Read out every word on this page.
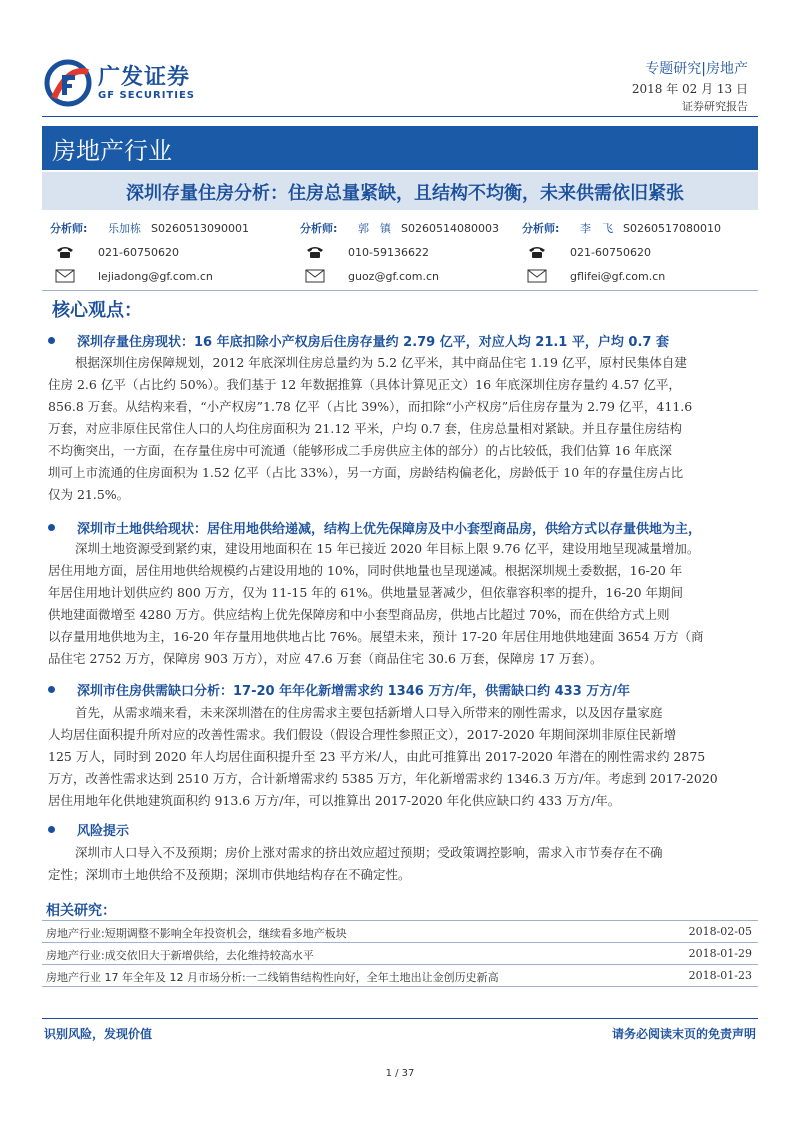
广发证券
GF SECURITIES
专题研究|房地产
2018 年 02 月 13 日
证券研究报告
房地产行业
深圳存量住房分析：住房总量紧缺，且结构不均衡，未来供需依旧紧张
分析师:	乐加栋 S0260513090001
021-60750620
lejiadong@gf.com.cn
分析师:	郭　镇 S0260514080003
010-59136622
guoz@gf.com.cn
分析师:	李　飞 S0260517080010
021-60750620
gflifei@gf.com.cn
核心观点：
深圳存量住房现状：16 年底扣除小产权房后住房存量约 2.79 亿平，对应人均 21.1 平，户均 0.7 套
根据深圳住房保障规划，2012 年底深圳住房总量约为 5.2 亿平米，其中商品住宅 1.19 亿平，原村民集体自建
住房 2.6 亿平（占比约 50%）。我们基于 12 年数据推算（具体计算见正文）16 年底深圳住房存量约 4.57 亿平，
856.8 万套。从结构来看，“小产权房”1.78 亿平（占比 39%），而扣除“小产权房”后住房存量为 2.79 亿平，411.6
万套，对应非原住民常住人口的人均住房面积为 21.12 平米，户均 0.7 套，住房总量相对紧缺。并且存量住房结构
不均衡突出，一方面，在存量住房中可流通（能够形成二手房供应主体的部分）的占比较低，我们估算 16 年底深
圳可上市流通的住房面积为 1.52 亿平（占比 33%），另一方面，房龄结构偏老化，房龄低于 10 年的存量住房占比
仅为 21.5%。
深圳市土地供给现状：居住用地供给递减，结构上优先保障房及中小套型商品房，供给方式以存量供地为主，
深圳土地资源受到紧约束，建设用地面积在 15 年已接近 2020 年目标上限 9.76 亿平，建设用地呈现减量增加。
居住用地方面，居住用地供给规模约占建设用地的 10%，同时供地量也呈现递减。根据深圳规土委数据，16-20 年
年居住用地计划供应约 800 万方，仅为 11-15 年的 61%。供地量显著减少，但依靠容积率的提升，16-20 年期间
供地建面微增至 4280 万方。供应结构上优先保障房和中小套型商品房，供地占比超过 70%，而在供给方式上则
以存量用地供地为主，16-20 年存量用地供地占比 76%。展望未来，预计 17-20 年居住用地供地建面 3654 万方（商
品住宅 2752 万方，保障房 903 万方），对应 47.6 万套（商品住宅 30.6 万套，保障房 17 万套）。
深圳市住房供需缺口分析：17-20 年年化新增需求约 1346 万方/年，供需缺口约 433 万方/年
首先，从需求端来看，未来深圳潜在的住房需求主要包括新增人口导入所带来的刚性需求，以及因存量家庭
人均居住面积提升所对应的改善性需求。我们假设（假设合理性参照正文），2017-2020 年期间深圳非原住民新增
125 万人，同时到 2020 年人均居住面积提升至 23 平方米/人，由此可推算出 2017-2020 年潜在的刚性需求约 2875
万方，改善性需求达到 2510 万方，合计新增需求约 5385 万方，年化新增需求约 1346.3 万方/年。考虑到 2017-2020
居住用地年化供地建筑面积约 913.6 万方/年，可以推算出 2017-2020 年化供应缺口约 433 万方/年。
风险提示
深圳市人口导入不及预期；房价上涨对需求的挤出效应超过预期；受政策调控影响，需求入市节奏存在不确
定性；深圳市土地供给不及预期；深圳市供地结构存在不确定性。
相关研究：
房地产行业:短期调整不影响全年投资机会，继续看多地产板块	2018-02-05
房地产行业:成交依旧大于新增供给，去化维持较高水平	2018-01-29
房地产行业 17 年全年及 12 月市场分析:一二线销售结构性向好，全年土地出让金创历史新高	2018-01-23
识别风险，发现价值	请务必阅读末页的免责声明
1 / 37
